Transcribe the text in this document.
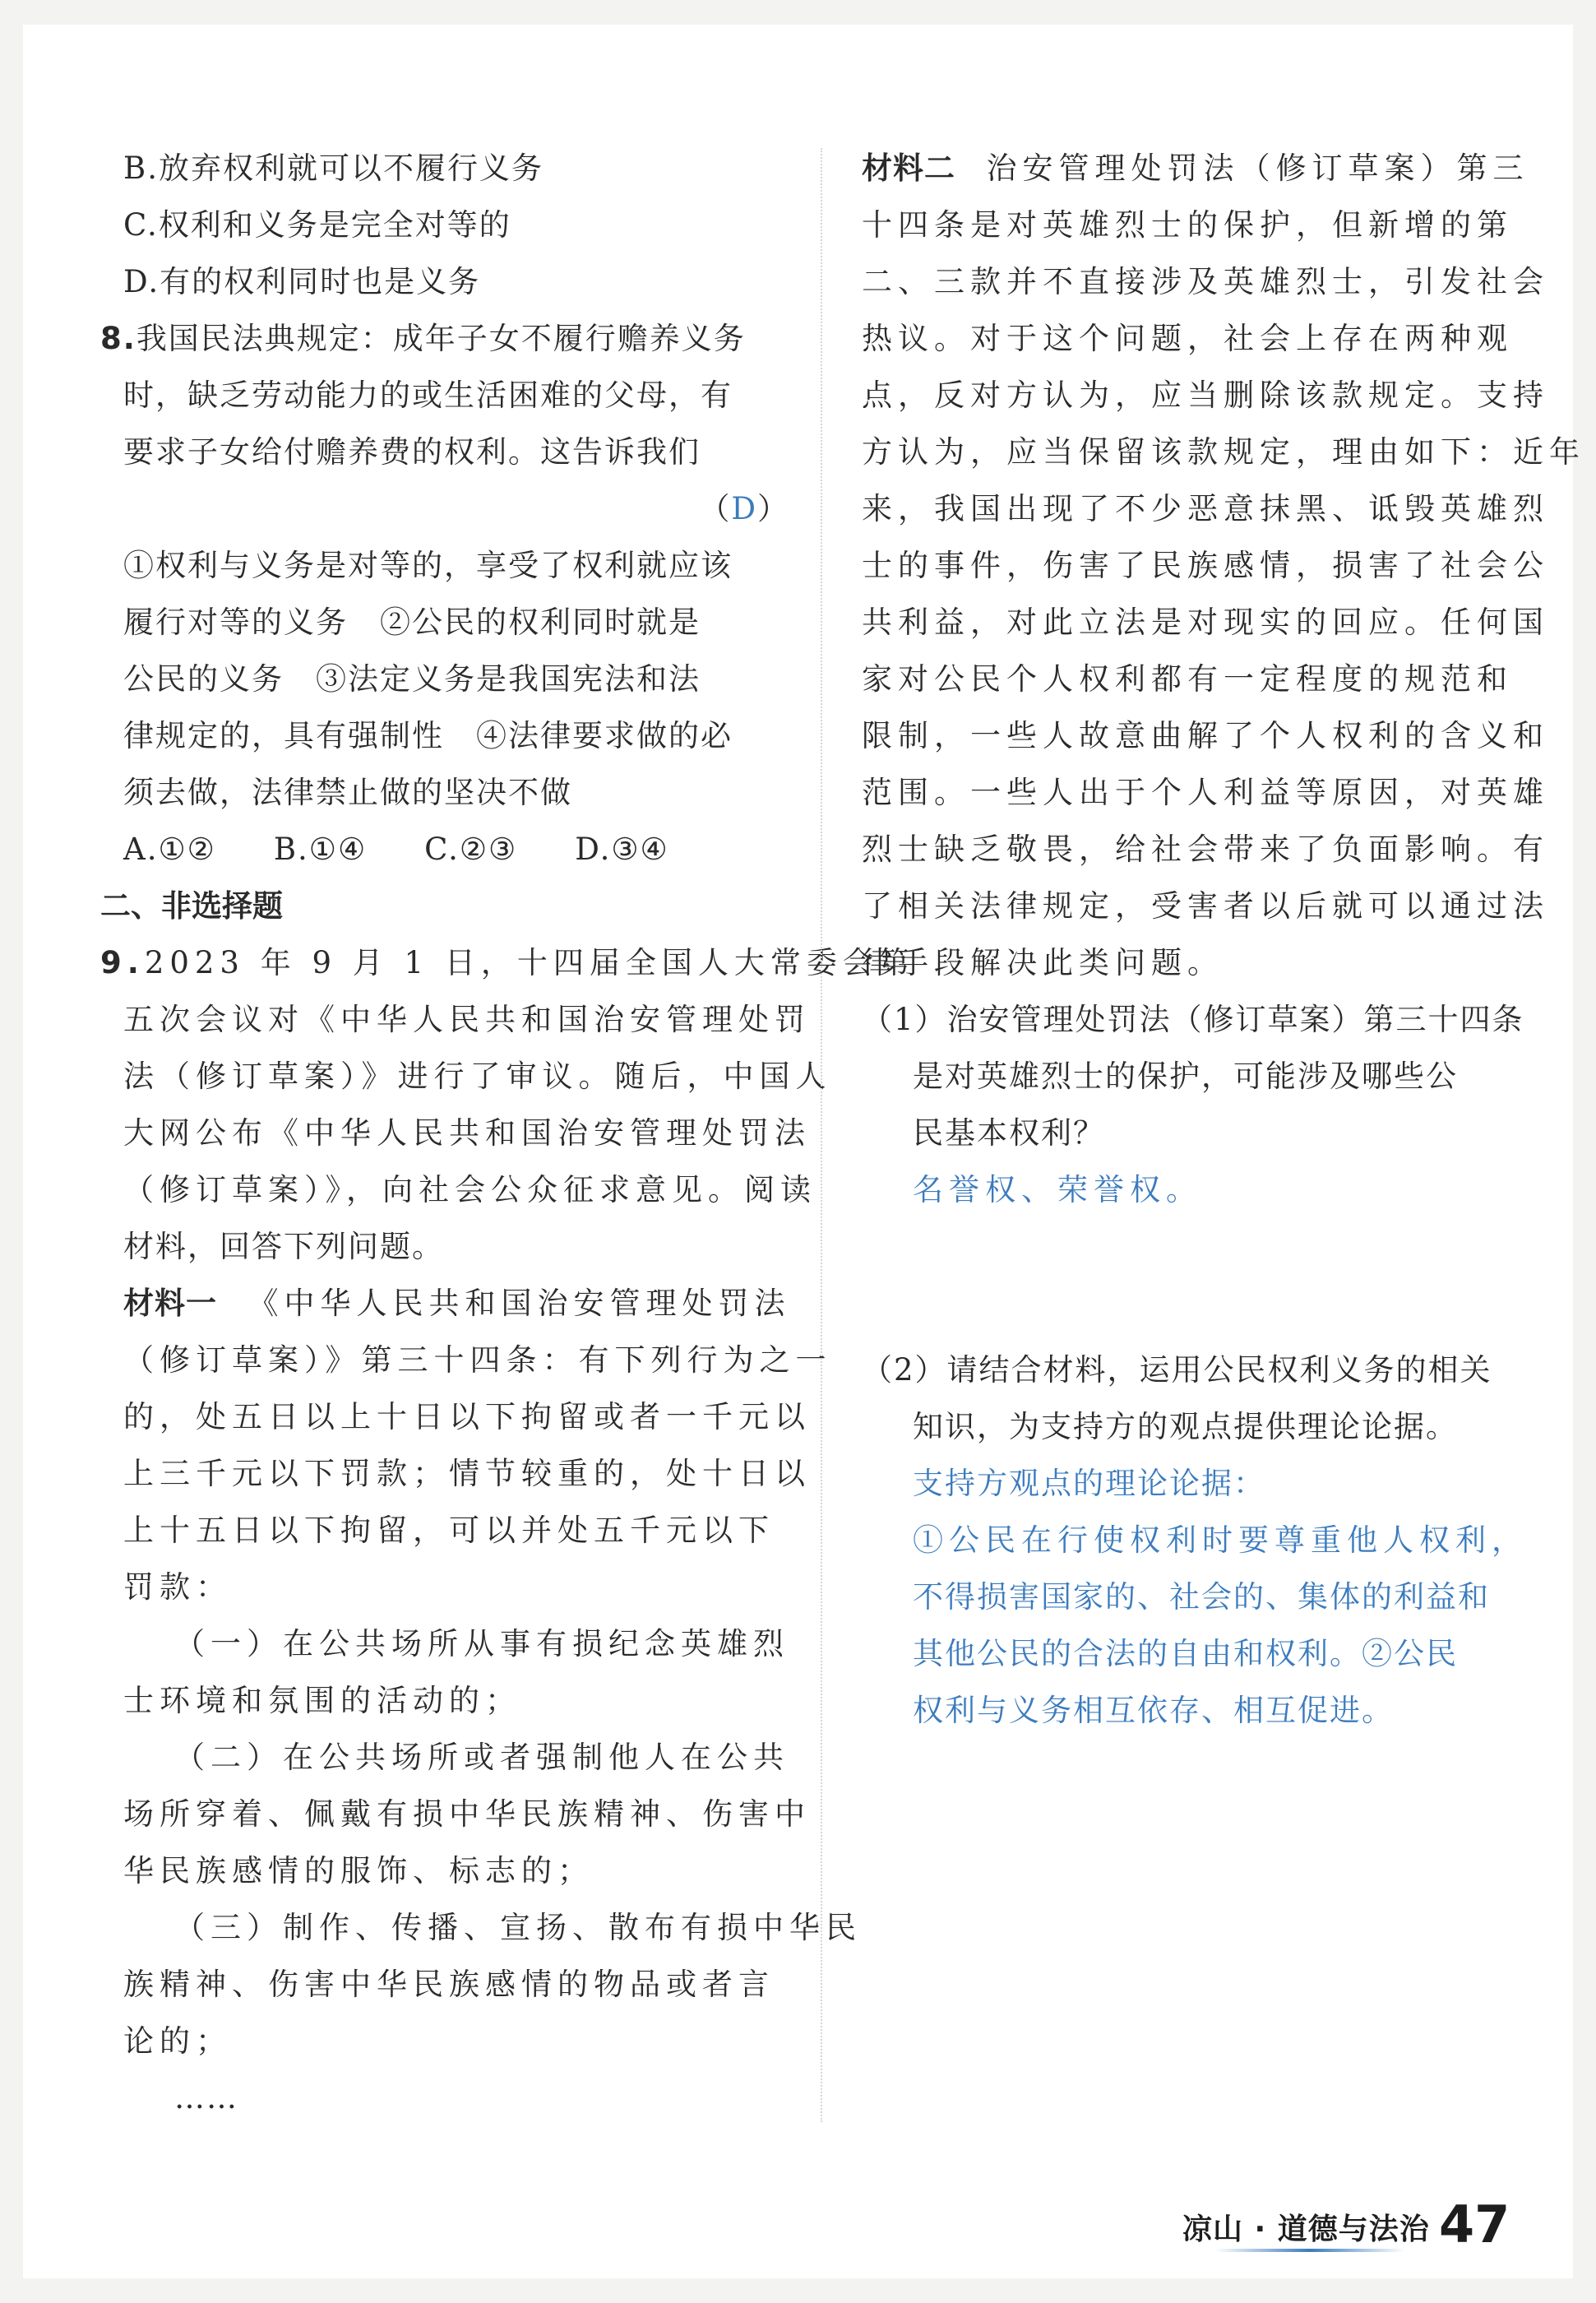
B.放弃权利就可以不履行义务

C.权利和义务是完全对等的

D.有的权利同时也是义务

8.我国民法典规定：成年子女不履行赡养义务

时，缺乏劳动能力的或生活困难的父母，有

要求子女给付赡养费的权利。这告诉我们

（D）

①权利与义务是对等的，享受了权利就应该

履行对等的义务　②公民的权利同时就是

公民的义务　③法定义务是我国宪法和法

律规定的，具有强制性　④法律要求做的必

须去做，法律禁止做的坚决不做

A.①② B.①④ C.②③ D.③④

二、非选择题

9.2023 年 9 月 1 日，十四届全国人大常委会第

五次会议对《中华人民共和国治安管理处罚

法（修订草案）》进行了审议。随后，中国人

大网公布《中华人民共和国治安管理处罚法

（修订草案）》，向社会公众征求意见。阅读

材料，回答下列问题。

材料一 《中华人民共和国治安管理处罚法

（修订草案）》第三十四条：有下列行为之一

的，处五日以上十日以下拘留或者一千元以

上三千元以下罚款；情节较重的，处十日以

上十五日以下拘留，可以并处五千元以下

罚款：

（一）在公共场所从事有损纪念英雄烈

士环境和氛围的活动的；

（二）在公共场所或者强制他人在公共

场所穿着、佩戴有损中华民族精神、伤害中

华民族感情的服饰、标志的；

（三）制作、传播、宣扬、散布有损中华民

族精神、伤害中华民族感情的物品或者言

论的；

……

材料二 治安管理处罚法（修订草案）第三

十四条是对英雄烈士的保护，但新增的第

二、三款并不直接涉及英雄烈士，引发社会

热议。对于这个问题，社会上存在两种观

点，反对方认为，应当删除该款规定。支持

方认为，应当保留该款规定，理由如下：近年

来，我国出现了不少恶意抹黑、诋毁英雄烈

士的事件，伤害了民族感情，损害了社会公

共利益，对此立法是对现实的回应。任何国

家对公民个人权利都有一定程度的规范和

限制，一些人故意曲解了个人权利的含义和

范围。一些人出于个人利益等原因，对英雄

烈士缺乏敬畏，给社会带来了负面影响。有

了相关法律规定，受害者以后就可以通过法

律手段解决此类问题。

（1）治安管理处罚法（修订草案）第三十四条

是对英雄烈士的保护，可能涉及哪些公

民基本权利？

名誉权、荣誉权。

（2）请结合材料，运用公民权利义务的相关

知识，为支持方的观点提供理论论据。

支持方观点的理论论据：

①公民在行使权利时要尊重他人权利，

不得损害国家的、社会的、集体的利益和

其他公民的合法的自由和权利。②公民

权利与义务相互依存、相互促进。

凉山 · 道德与法治 47
